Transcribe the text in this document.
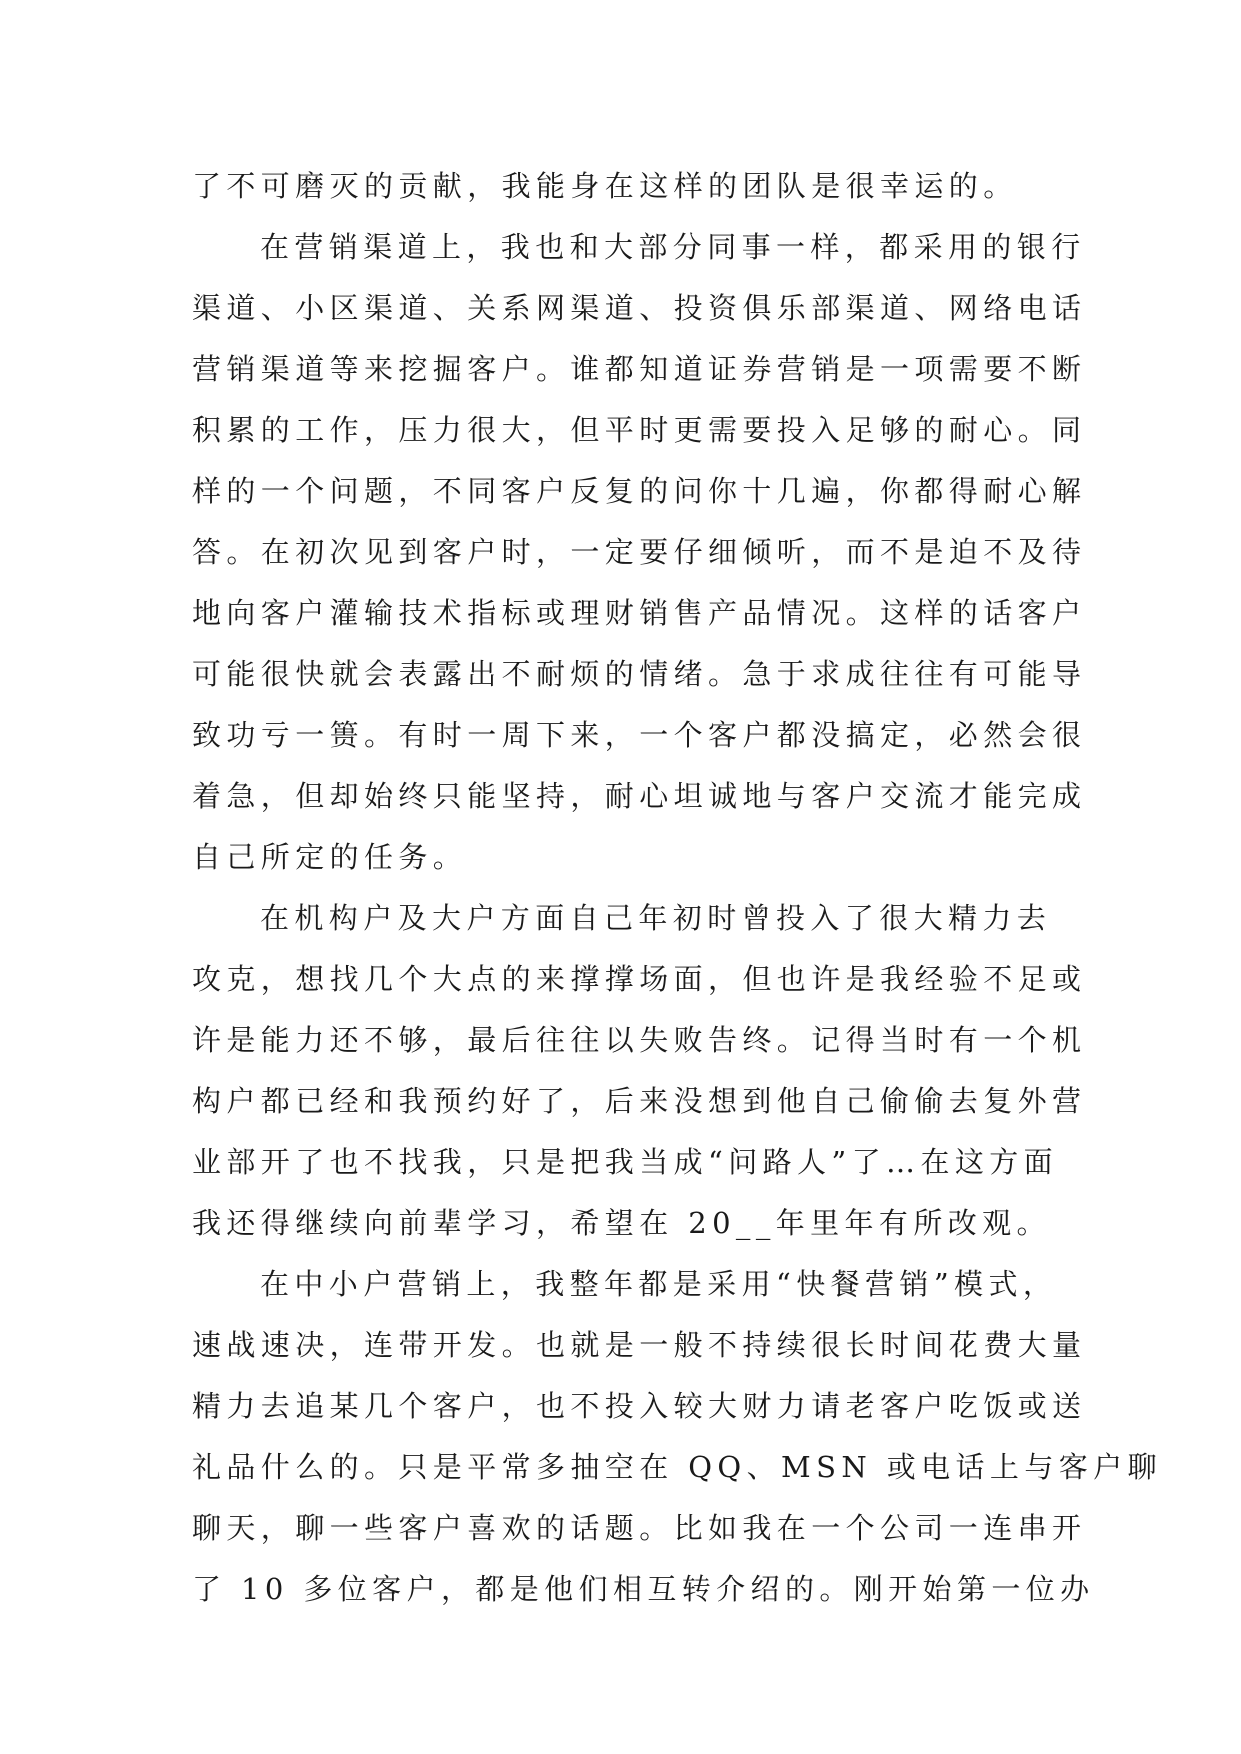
了不可磨灭的贡献，我能身在这样的团队是很幸运的。
在营销渠道上，我也和大部分同事一样，都采用的银行
渠道、小区渠道、关系网渠道、投资俱乐部渠道、网络电话
营销渠道等来挖掘客户。谁都知道证券营销是一项需要不断
积累的工作，压力很大，但平时更需要投入足够的耐心。同
样的一个问题，不同客户反复的问你十几遍，你都得耐心解
答。在初次见到客户时，一定要仔细倾听，而不是迫不及待
地向客户灌输技术指标或理财销售产品情况。这样的话客户
可能很快就会表露出不耐烦的情绪。急于求成往往有可能导
致功亏一篑。有时一周下来，一个客户都没搞定，必然会很
着急，但却始终只能坚持，耐心坦诚地与客户交流才能完成
自己所定的任务。
在机构户及大户方面自己年初时曾投入了很大精力去
攻克，想找几个大点的来撑撑场面，但也许是我经验不足或
许是能力还不够，最后往往以失败告终。记得当时有一个机
构户都已经和我预约好了，后来没想到他自己偷偷去复外营
业部开了也不找我，只是把我当成“问路人”了…在这方面
我还得继续向前辈学习，希望在 20__年里年有所改观。
在中小户营销上，我整年都是采用“快餐营销”模式，
速战速决，连带开发。也就是一般不持续很长时间花费大量
精力去追某几个客户，也不投入较大财力请老客户吃饭或送
礼品什么的。只是平常多抽空在 QQ、MSN 或电话上与客户聊
聊天，聊一些客户喜欢的话题。比如我在一个公司一连串开
了 10 多位客户，都是他们相互转介绍的。刚开始第一位办
